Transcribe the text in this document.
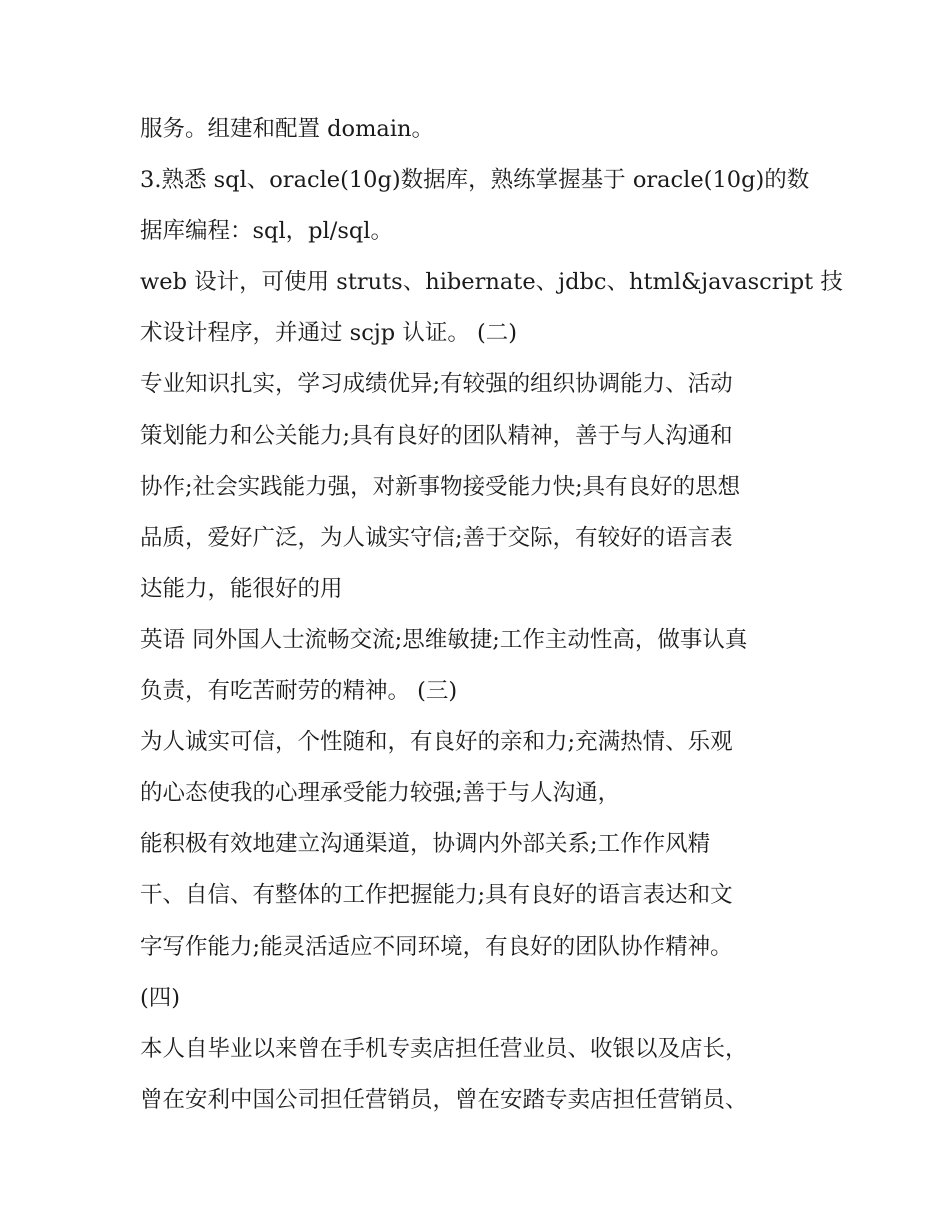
服务。组建和配置 domain。
3.熟悉 sql、oracle(10g)数据库，熟练掌握基于 oracle(10g)的数
据库编程：sql，pl/sql。
web 设计，可使用 struts、hibernate、jdbc、html&javascript 技
术设计程序，并通过 scjp 认证。 (二)
专业知识扎实，学习成绩优异;有较强的组织协调能力、活动
策划能力和公关能力;具有良好的团队精神，善于与人沟通和
协作;社会实践能力强，对新事物接受能力快;具有良好的思想
品质，爱好广泛，为人诚实守信;善于交际，有较好的语言表
达能力，能很好的用
英语 同外国人士流畅交流;思维敏捷;工作主动性高，做事认真
负责，有吃苦耐劳的精神。 (三)
为人诚实可信，个性随和，有良好的亲和力;充满热情、乐观
的心态使我的心理承受能力较强;善于与人沟通，
能积极有效地建立沟通渠道，协调内外部关系;工作作风精
干、自信、有整体的工作把握能力;具有良好的语言表达和文
字写作能力;能灵活适应不同环境，有良好的团队协作精神。
(四)
本人自毕业以来曾在手机专卖店担任营业员、收银以及店长，
曾在安利中国公司担任营销员，曾在安踏专卖店担任营销员、
